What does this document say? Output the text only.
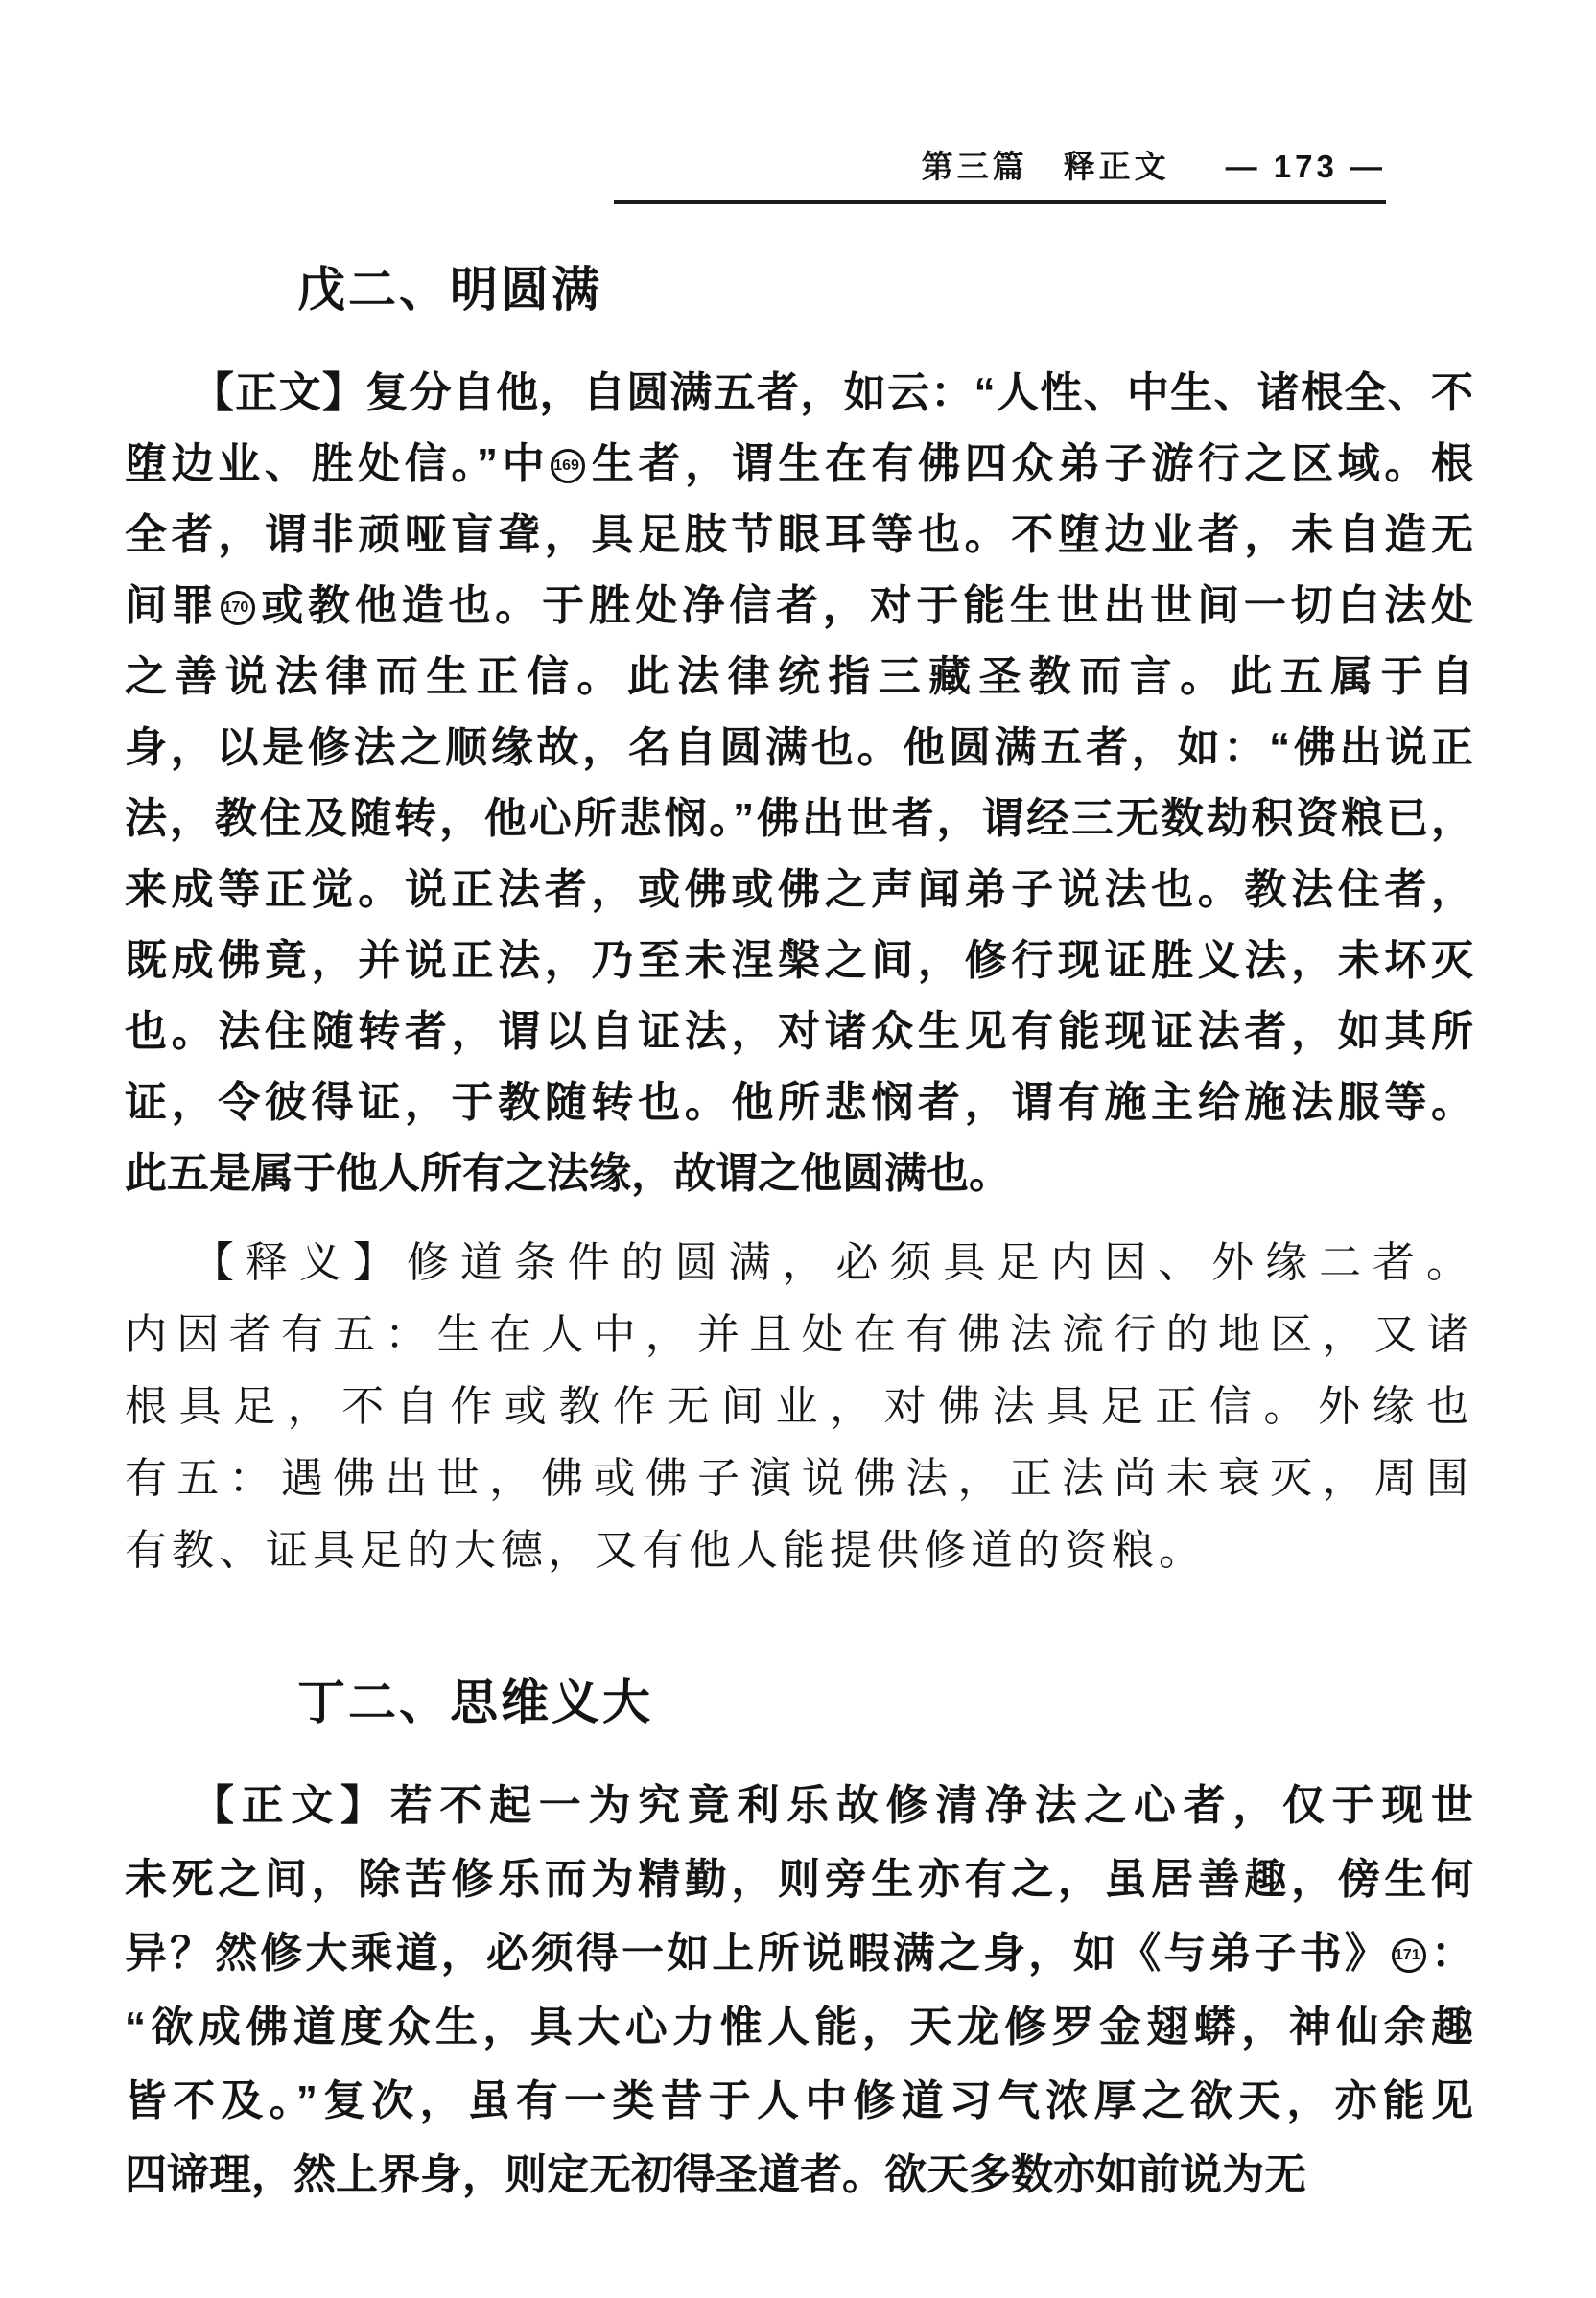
第三篇　释正文 — 173 —
戊二、明圆满
【正文】复分自他，自圆满五者，如云：“人性、中生、诸根全、不
堕边业、胜处信。”中 169 生者，谓生在有佛四众弟子游行之区域。根
全者，谓非顽哑盲聋，具足肢节眼耳等也。不堕边业者，未自造无
间罪 170 或教他造也。于胜处净信者，对于能生世出世间一切白法处
之善说法律而生正信。此法律统指三藏圣教而言。此五属于自
身，以是修法之顺缘故，名自圆满也。他圆满五者，如：“佛出说正
法，教住及随转，他心所悲悯。”佛出世者，谓经三无数劫积资粮已，
来成等正觉。说正法者，或佛或佛之声闻弟子说法也。教法住者，
既成佛竟，并说正法，乃至未涅槃之间，修行现证胜义法，未坏灭
也。法住随转者，谓以自证法，对诸众生见有能现证法者，如其所
证，令彼得证，于教随转也。他所悲悯者，谓有施主给施法服等。
此五是属于他人所有之法缘，故谓之他圆满也。
【释义】修道条件的圆满，必须具足内因、外缘二者。
内因者有五：生在人中，并且处在有佛法流行的地区，又诸
根具足，不自作或教作无间业，对佛法具足正信。外缘也
有五：遇佛出世，佛或佛子演说佛法，正法尚未衰灭，周围
有教、证具足的大德，又有他人能提供修道的资粮。
丁二、思维义大
【正文】若不起一为究竟利乐故修清净法之心者，仅于现世
未死之间，除苦修乐而为精勤，则旁生亦有之，虽居善趣，傍生何
异？然修大乘道，必须得一如上所说暇满之身，如《与弟子书》 171 ：
“欲成佛道度众生，具大心力惟人能，天龙修罗金翅蟒，神仙余趣
皆不及。”复次，虽有一类昔于人中修道习气浓厚之欲天，亦能见
四谛理，然上界身，则定无初得圣道者。欲天多数亦如前说为无
